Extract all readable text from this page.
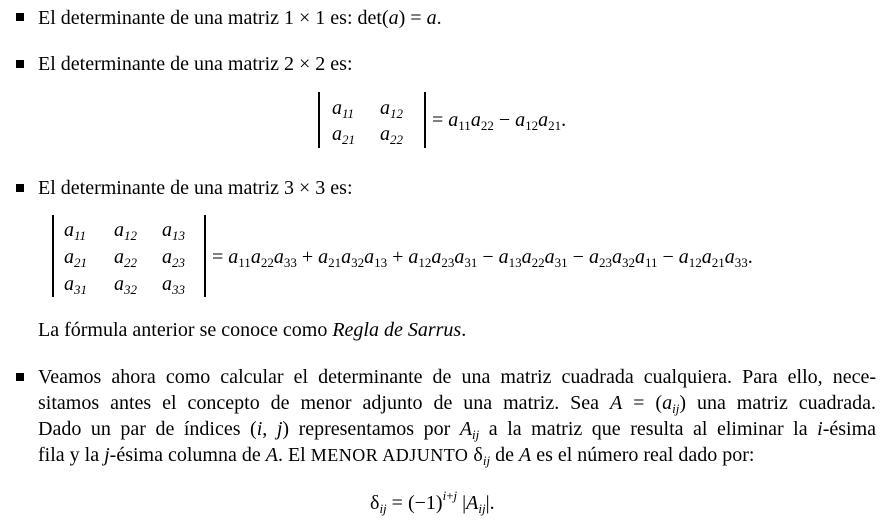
El determinante de una matriz 1 × 1 es: det(a) = a.
El determinante de una matriz 2 × 2 es:
$a_{11}$ $a_{12}$
$a_{21}$ $a_{22}$
= $a_{11}a_{22} - a_{12}a_{21}$.
El determinante de una matriz 3 × 3 es:
$a_{11}$ $a_{12}$ $a_{13}$
$a_{21}$ $a_{22}$ $a_{23}$
$a_{31}$ $a_{32}$ $a_{33}$
= $a_{11}a_{22}a_{33} + a_{21}a_{32}a_{13} + a_{12}a_{23}a_{31} - a_{13}a_{22}a_{31} - a_{23}a_{32}a_{11} - a_{12}a_{21}a_{33}$.
La fórmula anterior se conoce como Regla de Sarrus.
Veamos ahora como calcular el determinante de una matriz cuadrada cualquiera. Para ello, nece-
sitamos antes el concepto de menor adjunto de una matriz. Sea $A = (a_{ij})$ una matriz cuadrada.
Dado un par de índices (i, j) representamos por $A_{ij}$ a la matriz que resulta al eliminar la i-ésima
fila y la j-ésima columna de A. El MENOR ADJUNTO $\delta_{ij}$ de A es el número real dado por:
$\delta_{ij} = (-1)^{i+j}$ $|A_{ij}|$.
